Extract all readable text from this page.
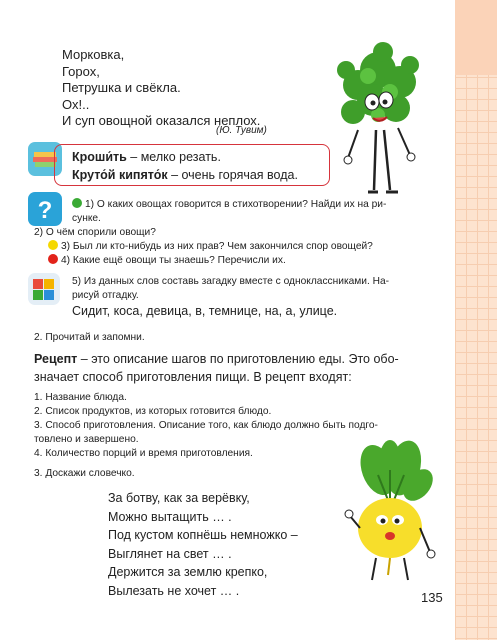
Морковка,
Горох,
Петрушка и свёкла.
Ох!..
И суп овощной оказался неплох.
(Ю. Тувим)
Кроши́ть – мелко резать.
Круто́й кипято́к – очень горячая вода.
?	1) О каких овощах говорится в стихотворении? Найди их на ри-
сунке.
2) О чём спорили овощи?
3) Был ли кто-нибудь из них прав? Чем закончился спор овощей?
4) Какие ещё овощи ты знаешь? Перечисли их.
5) Из данных слов составь загадку вместе с одноклассниками. На-
рисуй отгадку.
Сидит, коса, девица, в, темнице, на, а, улице.
2. Прочитай и запомни.
Рецепт – это описание шагов по приготовлению еды. Это обо-
значает способ приготовления пищи. В рецепт входят:
1. Название блюда.
2. Список продуктов, из которых готовится блюдо.
3. Способ приготовления. Описание того, как блюдо должно быть подго-
товлено и завершено.
4. Количество порций и время приготовления.
3. Доскажи словечко.
За ботву, как за верёвку,
Можно вытащить … .
Под кустом копнёшь немножко –
Выглянет на свет … .
Держится за землю крепко,
Вылезать не хочет … .	135
